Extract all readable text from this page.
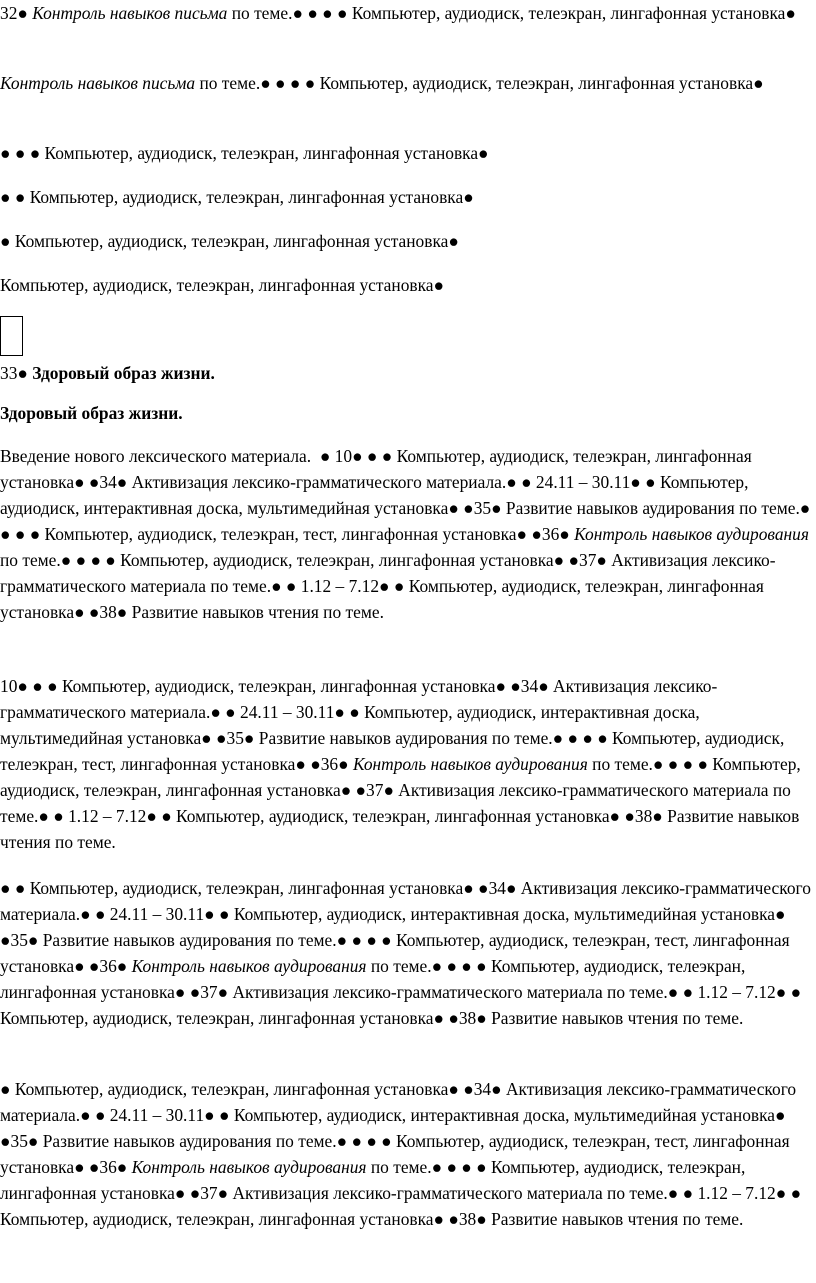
32● Контроль навыков письма по теме.● ● ● ● Компьютер, аудиодиск, телеэкран, лингафонная установка●

Контроль навыков письма по теме.● ● ● ● Компьютер, аудиодиск, телеэкран, лингафонная установка●

● ● ● Компьютер, аудиодиск, телеэкран, лингафонная установка●

● ● Компьютер, аудиодиск, телеэкран, лингафонная установка●

● Компьютер, аудиодиск, телеэкран, лингафонная установка●

Компьютер, аудиодиск, телеэкран, лингафонная установка●

33● Здоровый образ жизни.

Здоровый образ жизни.

Введение нового лексического материала.  ● 10● ● ● Компьютер, аудиодиск, телеэкран, лингафонная установка● ●34● Активизация лексико-грамматического материала.● ● 24.11 – 30.11● ● Компьютер, аудиодиск, интерактивная доска, мультимедийная установка● ●35● Развитие навыков аудирования по теме.● ● ● ● Компьютер, аудиодиск, телеэкран, тест, лингафонная установка● ●36● Контроль навыков аудирования по теме.● ● ● ● Компьютер, аудиодиск, телеэкран, лингафонная установка● ●37● Активизация лексико-грамматического материала по теме.● ● 1.12 – 7.12● ● Компьютер, аудиодиск, телеэкран, лингафонная установка● ●38● Развитие навыков чтения по теме.

10● ● ● Компьютер, аудиодиск, телеэкран, лингафонная установка● ●34● Активизация лексико-грамматического материала.● ● 24.11 – 30.11● ● Компьютер, аудиодиск, интерактивная доска, мультимедийная установка● ●35● Развитие навыков аудирования по теме.● ● ● ● Компьютер, аудиодиск, телеэкран, тест, лингафонная установка● ●36● Контроль навыков аудирования по теме.● ● ● ● Компьютер, аудиодиск, телеэкран, лингафонная установка● ●37● Активизация лексико-грамматического материала по теме.● ● 1.12 – 7.12● ● Компьютер, аудиодиск, телеэкран, лингафонная установка● ●38● Развитие навыков чтения по теме.

● ● Компьютер, аудиодиск, телеэкран, лингафонная установка● ●34● Активизация лексико-грамматического материала.● ● 24.11 – 30.11● ● Компьютер, аудиодиск, интерактивная доска, мультимедийная установка● ●35● Развитие навыков аудирования по теме.● ● ● ● Компьютер, аудиодиск, телеэкран, тест, лингафонная установка● ●36● Контроль навыков аудирования по теме.● ● ● ● Компьютер, аудиодиск, телеэкран, лингафонная установка● ●37● Активизация лексико-грамматического материала по теме.● ● 1.12 – 7.12● ● Компьютер, аудиодиск, телеэкран, лингафонная установка● ●38● Развитие навыков чтения по теме.

● Компьютер, аудиодиск, телеэкран, лингафонная установка● ●34● Активизация лексико-грамматического материала.● ● 24.11 – 30.11● ● Компьютер, аудиодиск, интерактивная доска, мультимедийная установка● ●35● Развитие навыков аудирования по теме.● ● ● ● Компьютер, аудиодиск, телеэкран, тест, лингафонная установка● ●36● Контроль навыков аудирования по теме.● ● ● ● Компьютер, аудиодиск, телеэкран, лингафонная установка● ●37● Активизация лексико-грамматического материала по теме.● ● 1.12 – 7.12● ● Компьютер, аудиодиск, телеэкран, лингафонная установка● ●38● Развитие навыков чтения по теме.
